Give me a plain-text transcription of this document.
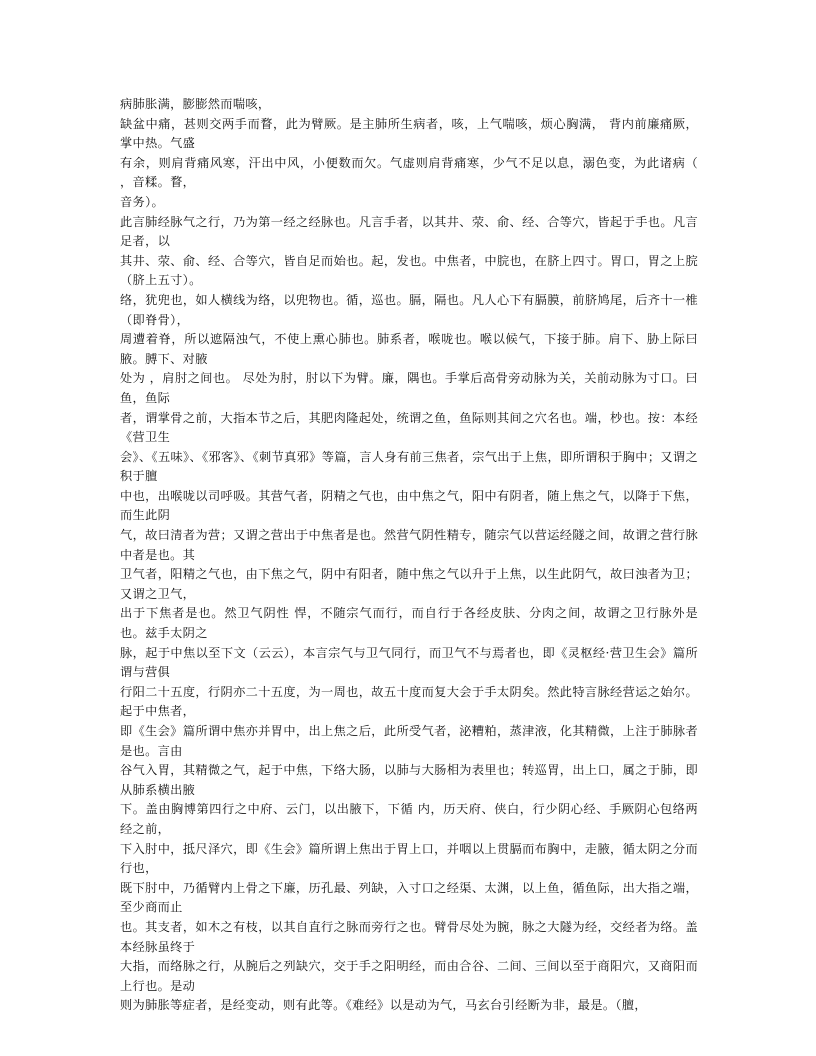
病肺胀满，膨膨然而喘咳，

缺盆中痛，甚则交两手而瞀，此为臂厥。是主肺所生病者，咳，上气喘咳，烦心胸满， 背内前廉痛厥，掌中热。气盛

有余，则肩背痛风寒，汗出中风，小便数而欠。气虚则肩背痛寒，少气不足以息，溺色变，为此诸病（ ，音糅。瞀，

音务）。

此言肺经脉气之行，乃为第一经之经脉也。凡言手者，以其井、荥、俞、经、合等穴，皆起于手也。凡言足者，以

其井、荥、俞、经、合等穴，皆自足而始也。起，发也。中焦者，中脘也，在脐上四寸。胃口，胃之上脘（脐上五寸）。

络，犹兜也，如人横线为络，以兜物也。循，巡也。膈，隔也。凡人心下有膈膜，前脐鸠尾，后齐十一椎（即脊骨），

周遭着脊，所以遮隔浊气，不使上熏心肺也。肺系者，喉咙也。喉以候气，下接于肺。肩下、胁上际曰腋。膊下、对腋

处为 ，肩肘之间也。 尽处为肘，肘以下为臂。廉，隅也。手掌后高骨旁动脉为关，关前动脉为寸口。曰鱼，鱼际

者，谓掌骨之前，大指本节之后，其肥肉隆起处，统谓之鱼，鱼际则其间之穴名也。端，杪也。按：本经《营卫生

会》、《五味》、《邪客》、《刺节真邪》等篇，言人身有前三焦者，宗气出于上焦，即所谓积于胸中；又谓之积于膻

中也，出喉咙以司呼吸。其营气者，阴精之气也，由中焦之气，阳中有阴者，随上焦之气，以降于下焦，而生此阴

气，故曰清者为营；又谓之营出于中焦者是也。然营气阴性精专，随宗气以营运经隧之间，故谓之营行脉中者是也。其

卫气者，阳精之气也，由下焦之气，阴中有阳者，随中焦之气以升于上焦，以生此阴气，故曰浊者为卫；又谓之卫气，

出于下焦者是也。然卫气阴性 悍，不随宗气而行，而自行于各经皮肤、分肉之间，故谓之卫行脉外是也。兹手太阴之

脉，起于中焦以至下文（云云），本言宗气与卫气同行，而卫气不与焉者也，即《灵枢经·营卫生会》篇所谓与营俱

行阳二十五度，行阴亦二十五度，为一周也，故五十度而复大会于手太阴矣。然此特言脉经营运之始尔。起于中焦者，

即《生会》篇所谓中焦亦并胃中，出上焦之后，此所受气者，泌糟粕，蒸津液，化其精微，上注于肺脉者是也。言由

谷气入胃，其精微之气，起于中焦，下络大肠，以肺与大肠相为表里也；转巡胃，出上口，属之于肺，即从肺系横出腋

下。盖由胸博第四行之中府、云门，以出腋下，下循 内，历天府、侠白，行少阴心经、手厥阴心包络两经之前，

下入肘中，抵尺泽穴，即《生会》篇所谓上焦出于胃上口，并咽以上贯膈而布胸中，走腋，循太阴之分而行也，

既下肘中，乃循臂内上骨之下廉，历孔最、列缺，入寸口之经渠、太渊，以上鱼，循鱼际，出大指之端，至少商而止

也。其支者，如木之有枝，以其自直行之脉而旁行之也。臂骨尽处为腕，脉之大隧为经，交经者为络。盖本经脉虽终于

大指，而络脉之行，从腕后之列缺穴，交于手之阳明经，而由合谷、二间、三间以至于商阳穴，又商阳而上行也。是动

则为肺胀等症者，是经变动，则有此等。《难经》以是动为气，马玄台引经断为非，最是。（膻，
